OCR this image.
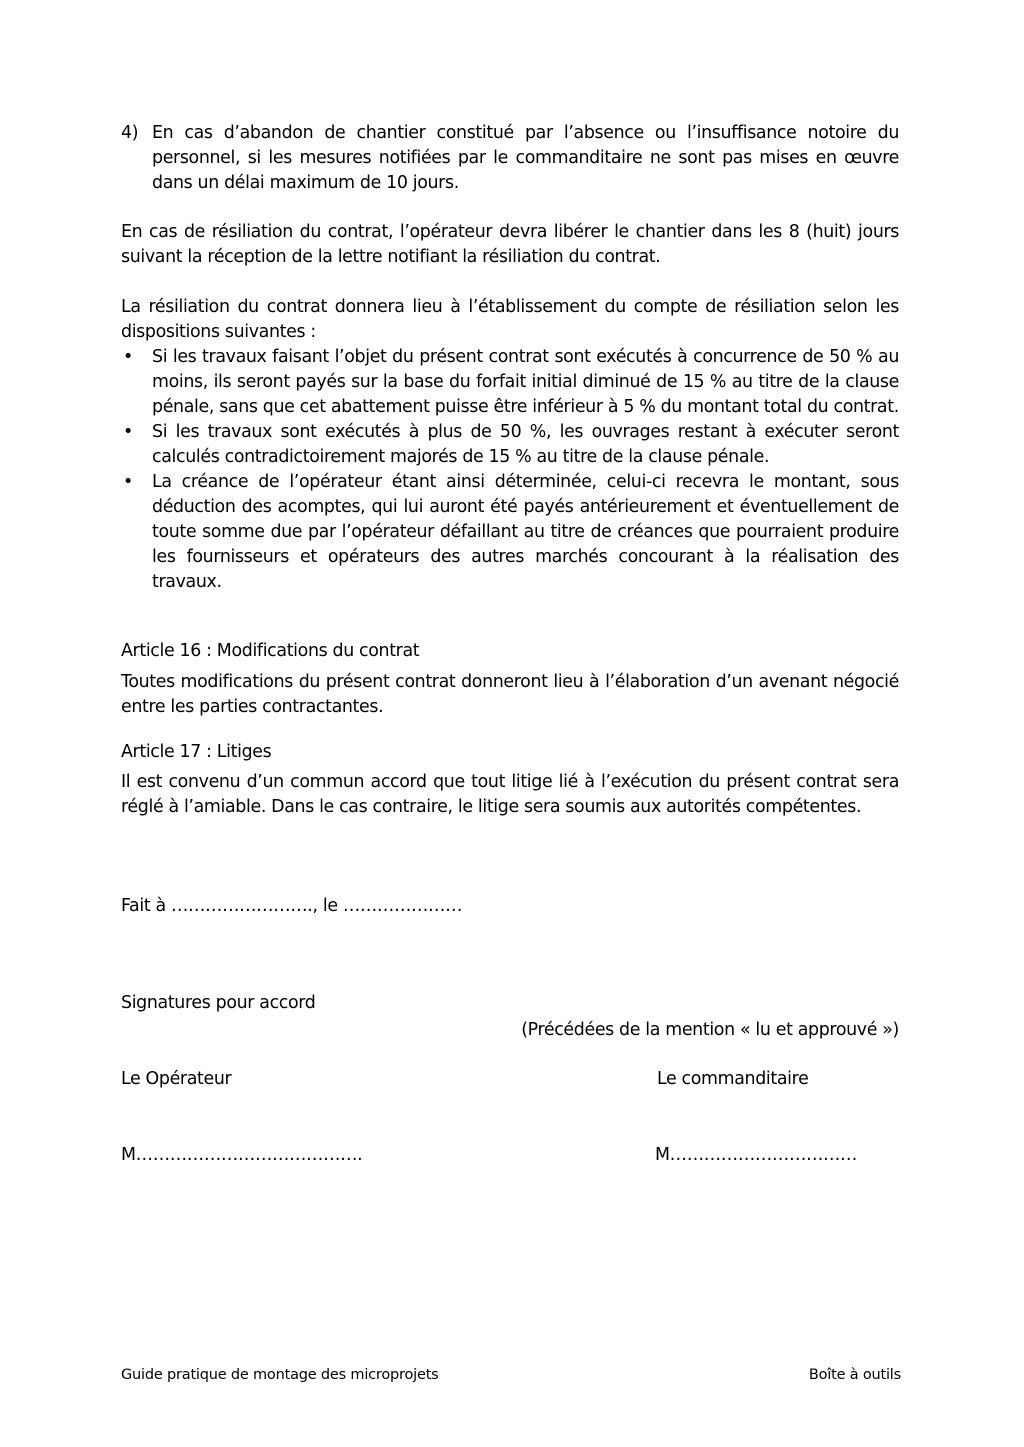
4) En cas d’abandon de chantier constitué par l’absence ou l’insuffisance notoire du personnel, si les mesures notifiées par le commanditaire ne sont pas mises en œuvre dans un délai maximum de 10 jours.

En cas de résiliation du contrat, l’opérateur devra libérer le chantier dans les 8 (huit) jours suivant la réception de la lettre notifiant la résiliation du contrat.

La résiliation du contrat donnera lieu à l’établissement du compte de résiliation selon les dispositions suivantes :

• Si les travaux faisant l’objet du présent contrat sont exécutés à concurrence de 50 % au moins, ils seront payés sur la base du forfait initial diminué de 15 % au titre de la clause pénale, sans que cet abattement puisse être inférieur à 5 % du montant total du contrat.
• Si les travaux sont exécutés à plus de 50 %, les ouvrages restant à exécuter seront calculés contradictoirement majorés de 15 % au titre de la clause pénale.
• La créance de l’opérateur étant ainsi déterminée, celui-ci recevra le montant, sous déduction des acomptes, qui lui auront été payés antérieurement et éventuellement de toute somme due par l’opérateur défaillant au titre de créances que pourraient produire les fournisseurs et opérateurs des autres marchés concourant à la réalisation des travaux.
Article 16 : Modifications du contrat

Toutes modifications du présent contrat donneront lieu à l’élaboration d’un avenant négocié entre les parties contractantes.

Article 17 : Litiges

Il est convenu d’un commun accord que tout litige lié à l’exécution du présent contrat sera réglé à l’amiable. Dans le cas contraire, le litige sera soumis aux autorités compétentes.

Fait à ……………………., le …………………
Signatures pour accord
(Précédées de la mention « lu et approuvé »)
Le Opérateur	Le commanditaire
M………………………………….	M……………………………
Guide pratique de montage des microprojets	Boîte à outils
